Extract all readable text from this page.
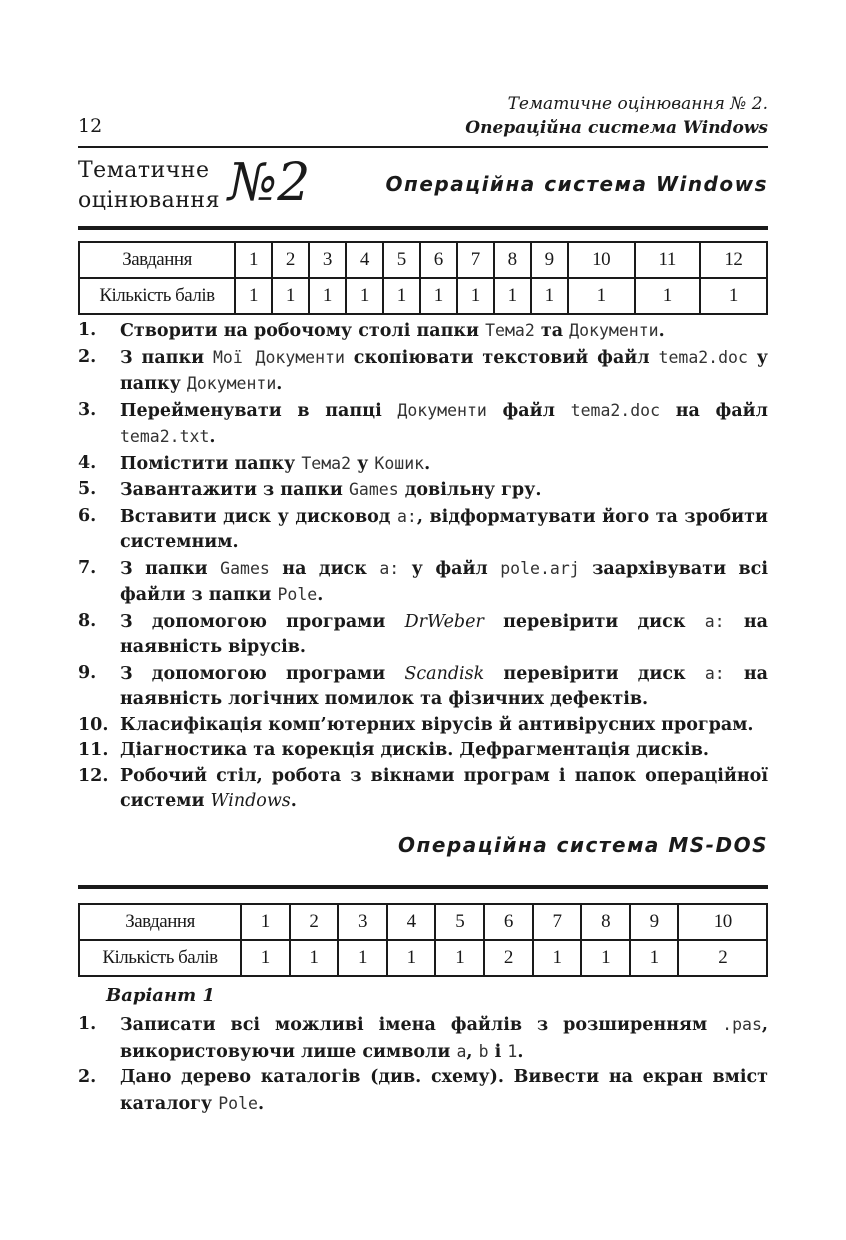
12
Тематичне оцінювання № 2.
Операційна система Windows
Тематичне
оцінювання №2	Операційна система Windows
Завдання	1	2	3	4	5	6	7	8	9	10	11	12
Кількість балів	1	1	1	1	1	1	1	1	1	1	1	1
1. Створити на робочому столі папки Тема2 та Документи.
2. З папки Мої Документи скопіювати текстовий файл tema2.doc у папку Документи.
3. Перейменувати в папці Документи файл tema2.doc на файл tema2.txt.
4. Помістити папку Тема2 у Кошик.
5. Завантажити з папки Games довільну гру.
6. Вставити диск у дисковод a:, відформатувати його та зробити системним.
7. З папки Games на диск a: у файл pole.arj заархівувати всі файли з папки Pole.
8. З допомогою програми DrWeber перевірити диск a: на наявність вірусів.
9. З допомогою програми Scandisk перевірити диск a: на наявність логічних помилок та фізичних дефектів.
10. Класифікація комп’ютерних вірусів й антивірусних програм.
11. Діагностика та корекція дисків. Дефрагментація дисків.
12. Робочий стіл, робота з вікнами програм і папок операційної системи Windows.
Операційна система MS-DOS
Завдання	1	2	3	4	5	6	7	8	9	10
Кількість балів	1	1	1	1	1	2	1	1	1	2
Варіант 1
1. Записати всі можливі імена файлів з розширенням .pas, використовуючи лише символи a, b і 1.
2. Дано дерево каталогів (див. схему). Вивести на екран вміст каталогу Pole.
